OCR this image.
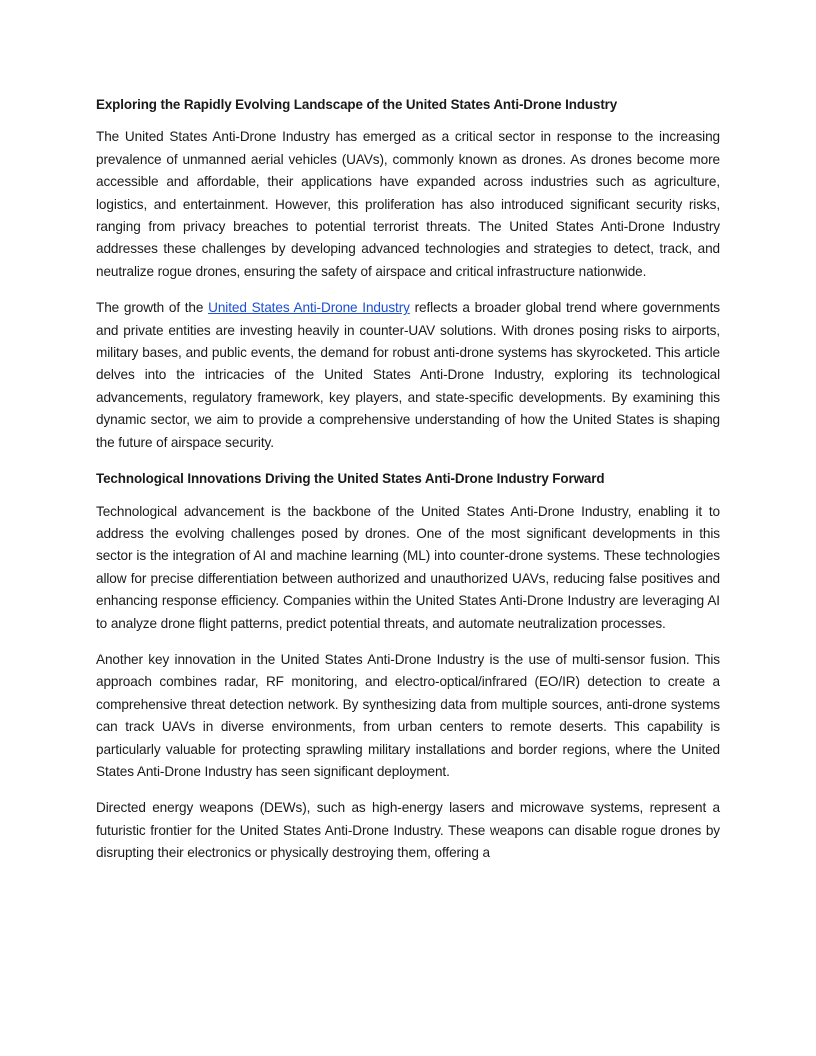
Exploring the Rapidly Evolving Landscape of the United States Anti-Drone Industry

The United States Anti-Drone Industry has emerged as a critical sector in response to the increasing prevalence of unmanned aerial vehicles (UAVs), commonly known as drones. As drones become more accessible and affordable, their applications have expanded across industries such as agriculture, logistics, and entertainment. However, this proliferation has also introduced significant security risks, ranging from privacy breaches to potential terrorist threats. The United States Anti-Drone Industry addresses these challenges by developing advanced technologies and strategies to detect, track, and neutralize rogue drones, ensuring the safety of airspace and critical infrastructure nationwide.

The growth of the United States Anti-Drone Industry reflects a broader global trend where governments and private entities are investing heavily in counter-UAV solutions. With drones posing risks to airports, military bases, and public events, the demand for robust anti-drone systems has skyrocketed. This article delves into the intricacies of the United States Anti-Drone Industry, exploring its technological advancements, regulatory framework, key players, and state-specific developments. By examining this dynamic sector, we aim to provide a comprehensive understanding of how the United States is shaping the future of airspace security.

Technological Innovations Driving the United States Anti-Drone Industry Forward

Technological advancement is the backbone of the United States Anti-Drone Industry, enabling it to address the evolving challenges posed by drones. One of the most significant developments in this sector is the integration of AI and machine learning (ML) into counter-drone systems. These technologies allow for precise differentiation between authorized and unauthorized UAVs, reducing false positives and enhancing response efficiency. Companies within the United States Anti-Drone Industry are leveraging AI to analyze drone flight patterns, predict potential threats, and automate neutralization processes.

Another key innovation in the United States Anti-Drone Industry is the use of multi-sensor fusion. This approach combines radar, RF monitoring, and electro-optical/infrared (EO/IR) detection to create a comprehensive threat detection network. By synthesizing data from multiple sources, anti-drone systems can track UAVs in diverse environments, from urban centers to remote deserts. This capability is particularly valuable for protecting sprawling military installations and border regions, where the United States Anti-Drone Industry has seen significant deployment.

Directed energy weapons (DEWs), such as high-energy lasers and microwave systems, represent a futuristic frontier for the United States Anti-Drone Industry. These weapons can disable rogue drones by disrupting their electronics or physically destroying them, offering a
